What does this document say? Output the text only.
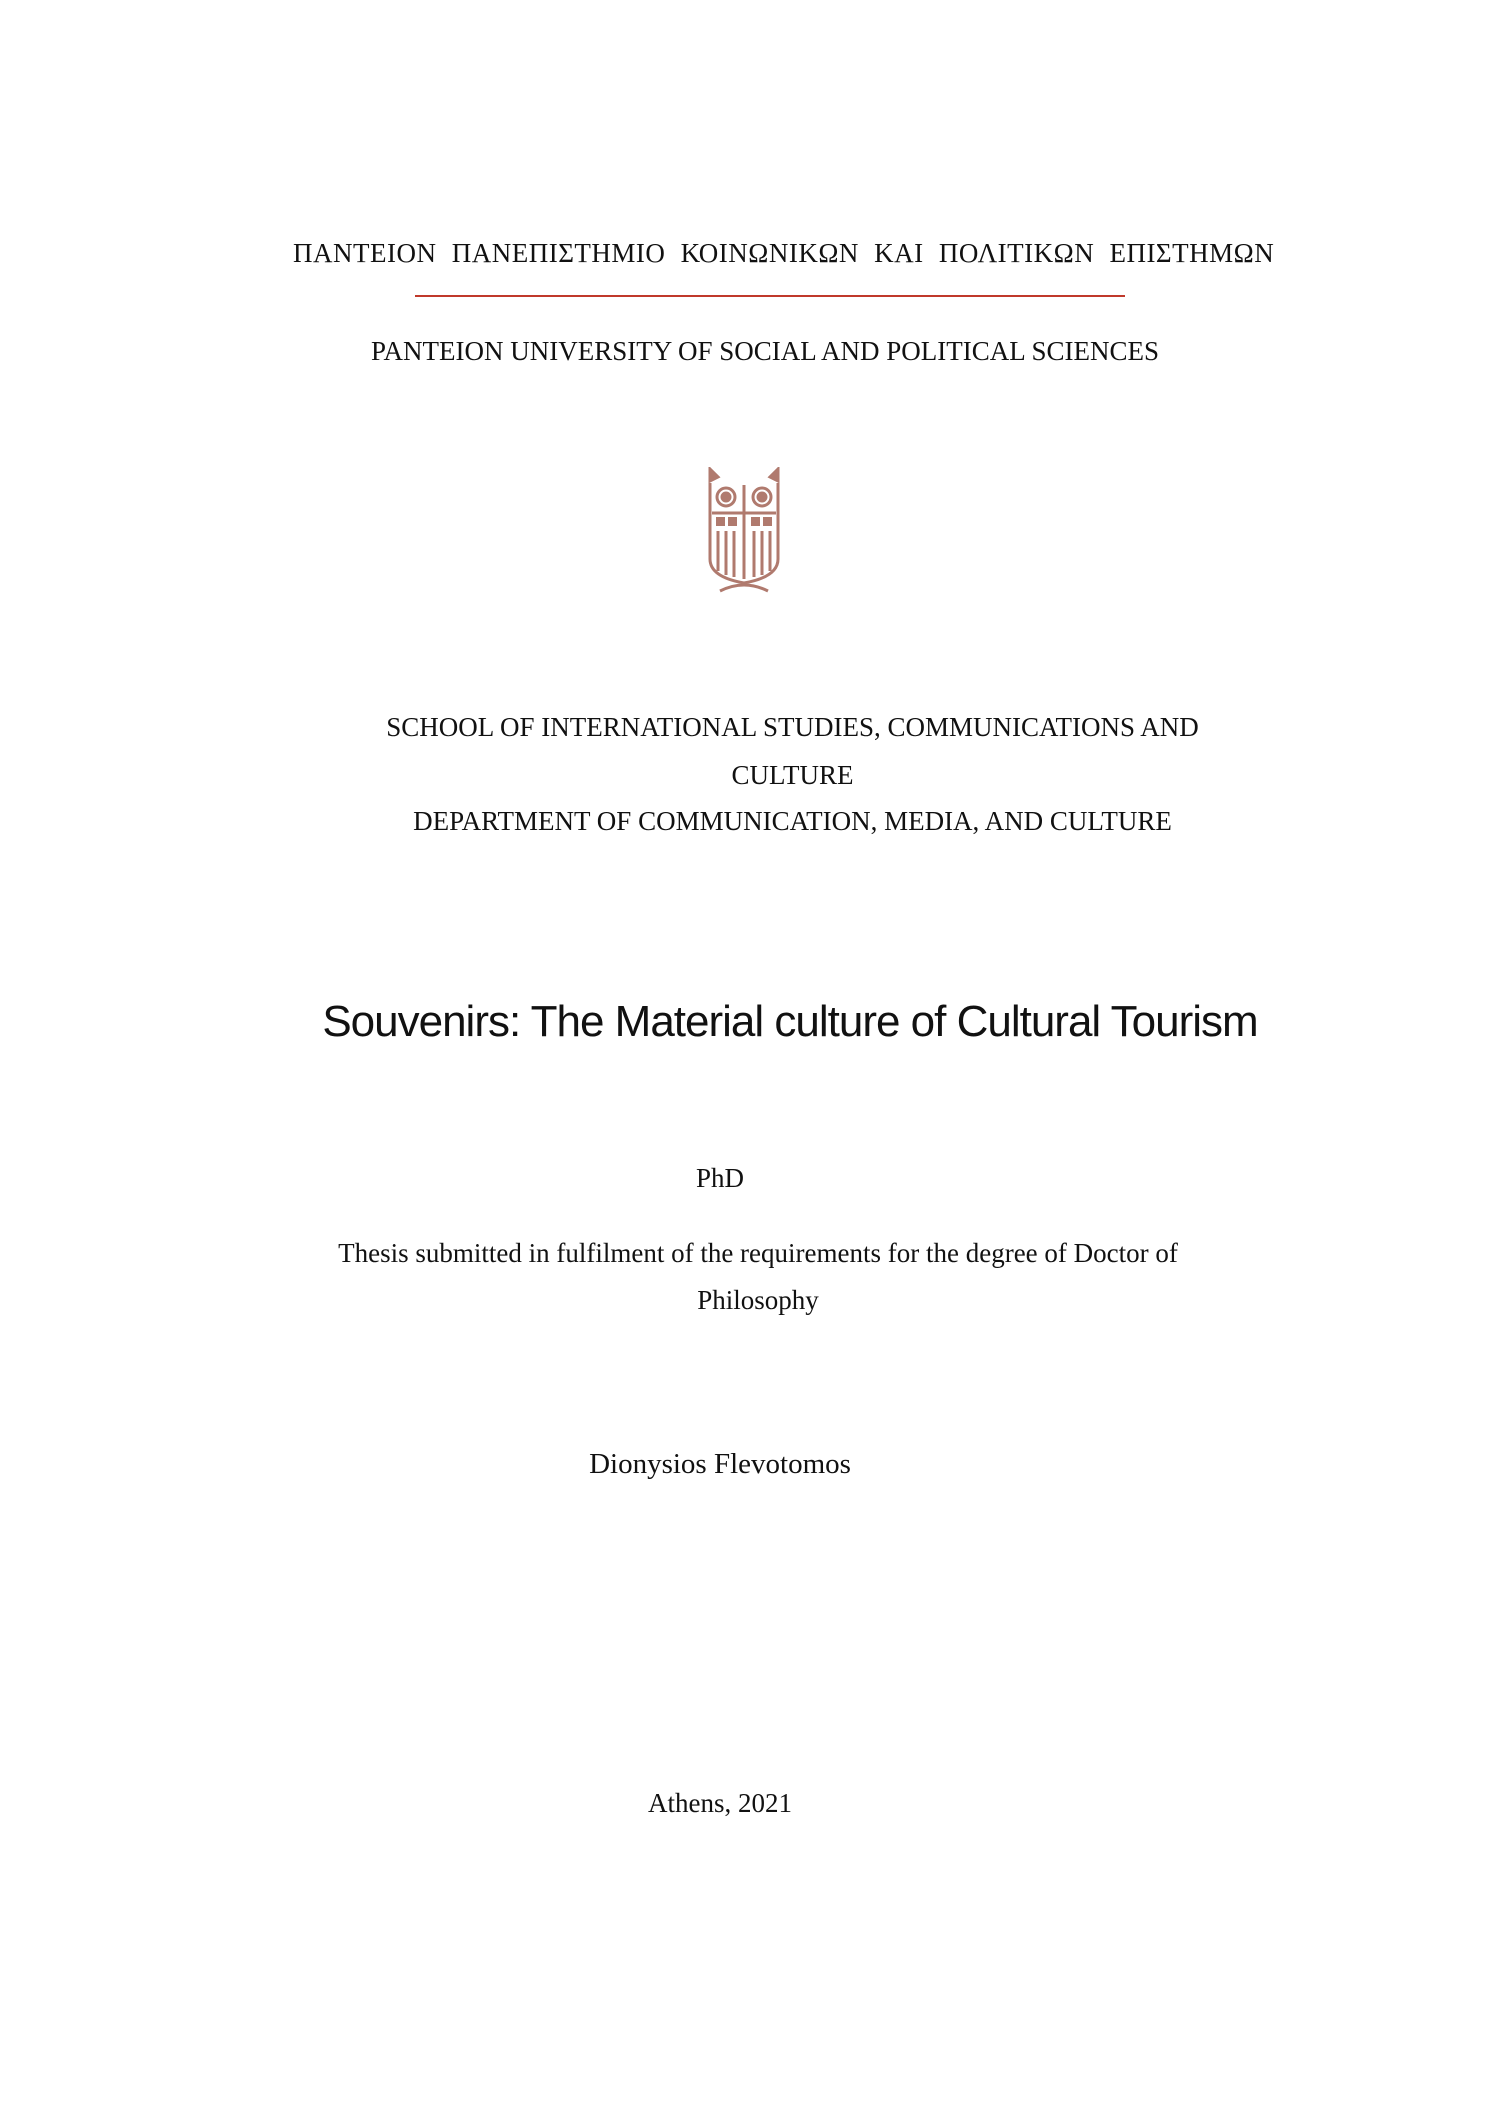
ΠΑΝΤΕΙΟΝ ΠΑΝΕΠΙΣΤΗΜΙΟ ΚΟΙΝΩΝΙΚΩΝ ΚΑΙ ΠΟΛΙΤΙΚΩΝ ΕΠΙΣΤΗΜΩΝ
PANTEION UNIVERSITY OF SOCIAL AND POLITICAL SCIENCES
SCHOOL OF INTERNATIONAL STUDIES, COMMUNICATIONS AND
CULTURE
DEPARTMENT OF COMMUNICATION, MEDIA, AND CULTURE
Souvenirs: The Material culture of Cultural Tourism
PhD
Thesis submitted in fulfilment of the requirements for the degree of Doctor of
Philosophy
Dionysios Flevotomos
Athens, 2021
